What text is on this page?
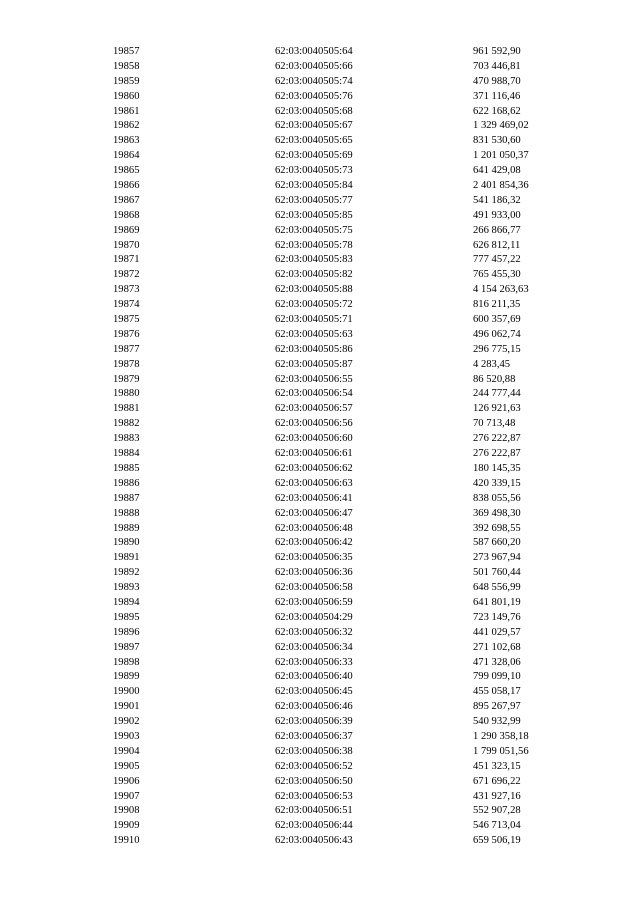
19857	62:03:0040505:64	961 592,90
19858	62:03:0040505:66	703 446,81
19859	62:03:0040505:74	470 988,70
19860	62:03:0040505:76	371 116,46
19861	62:03:0040505:68	622 168,62
19862	62:03:0040505:67	1 329 469,02
19863	62:03:0040505:65	831 530,60
19864	62:03:0040505:69	1 201 050,37
19865	62:03:0040505:73	641 429,08
19866	62:03:0040505:84	2 401 854,36
19867	62:03:0040505:77	541 186,32
19868	62:03:0040505:85	491 933,00
19869	62:03:0040505:75	266 866,77
19870	62:03:0040505:78	626 812,11
19871	62:03:0040505:83	777 457,22
19872	62:03:0040505:82	765 455,30
19873	62:03:0040505:88	4 154 263,63
19874	62:03:0040505:72	816 211,35
19875	62:03:0040505:71	600 357,69
19876	62:03:0040505:63	496 062,74
19877	62:03:0040505:86	296 775,15
19878	62:03:0040505:87	4 283,45
19879	62:03:0040506:55	86 520,88
19880	62:03:0040506:54	244 777,44
19881	62:03:0040506:57	126 921,63
19882	62:03:0040506:56	70 713,48
19883	62:03:0040506:60	276 222,87
19884	62:03:0040506:61	276 222,87
19885	62:03:0040506:62	180 145,35
19886	62:03:0040506:63	420 339,15
19887	62:03:0040506:41	838 055,56
19888	62:03:0040506:47	369 498,30
19889	62:03:0040506:48	392 698,55
19890	62:03:0040506:42	587 660,20
19891	62:03:0040506:35	273 967,94
19892	62:03:0040506:36	501 760,44
19893	62:03:0040506:58	648 556,99
19894	62:03:0040506:59	641 801,19
19895	62:03:0040504:29	723 149,76
19896	62:03:0040506:32	441 029,57
19897	62:03:0040506:34	271 102,68
19898	62:03:0040506:33	471 328,06
19899	62:03:0040506:40	799 099,10
19900	62:03:0040506:45	455 058,17
19901	62:03:0040506:46	895 267,97
19902	62:03:0040506:39	540 932,99
19903	62:03:0040506:37	1 290 358,18
19904	62:03:0040506:38	1 799 051,56
19905	62:03:0040506:52	451 323,15
19906	62:03:0040506:50	671 696,22
19907	62:03:0040506:53	431 927,16
19908	62:03:0040506:51	552 907,28
19909	62:03:0040506:44	546 713,04
19910	62:03:0040506:43	659 506,19
